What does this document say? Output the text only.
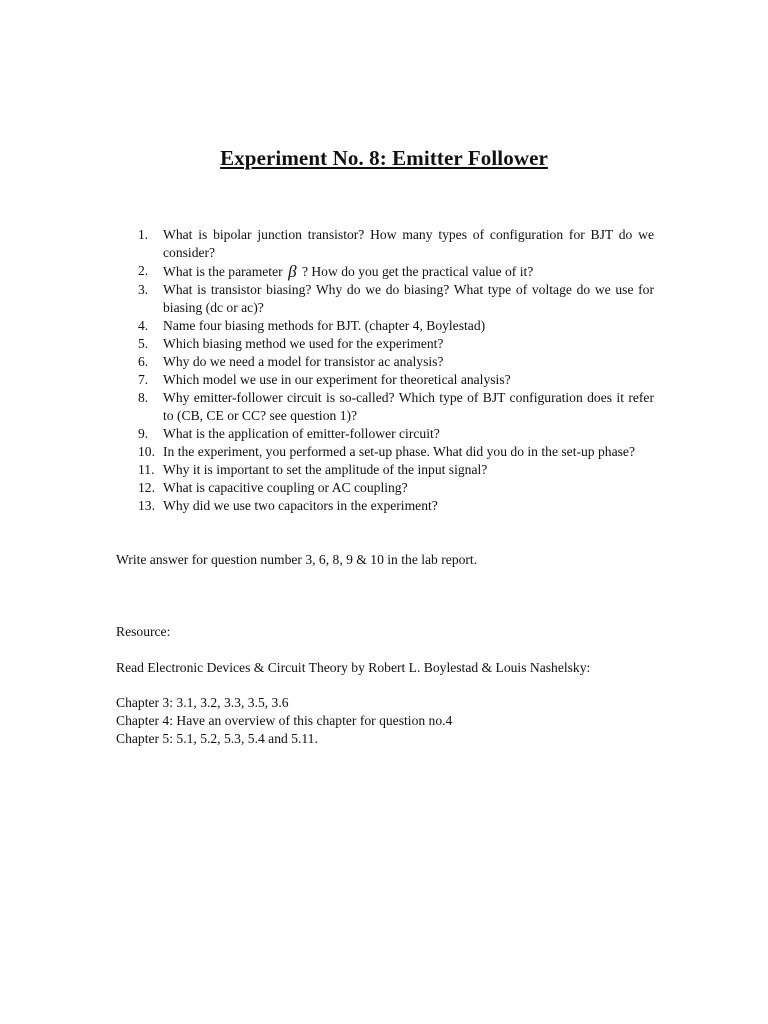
Experiment No. 8: Emitter Follower
1. What is bipolar junction transistor? How many types of configuration for BJT do we consider?
2. What is the parameter β ? How do you get the practical value of it?
3. What is transistor biasing? Why do we do biasing? What type of voltage do we use for biasing (dc or ac)?
4. Name four biasing methods for BJT. (chapter 4, Boylestad)
5. Which biasing method we used for the experiment?
6. Why do we need a model for transistor ac analysis?
7. Which model we use in our experiment for theoretical analysis?
8. Why emitter-follower circuit is so-called? Which type of BJT configuration does it refer to (CB, CE or CC? see question 1)?
9. What is the application of emitter-follower circuit?
10. In the experiment, you performed a set-up phase. What did you do in the set-up phase?
11. Why it is important to set the amplitude of the input signal?
12. What is capacitive coupling or AC coupling?
13. Why did we use two capacitors in the experiment?
Write answer for question number 3, 6, 8, 9 & 10 in the lab report.
Resource:
Read Electronic Devices & Circuit Theory by Robert L. Boylestad & Louis Nashelsky:
Chapter 3: 3.1, 3.2, 3.3, 3.5, 3.6
Chapter 4: Have an overview of this chapter for question no.4
Chapter 5: 5.1, 5.2, 5.3, 5.4 and 5.11.
